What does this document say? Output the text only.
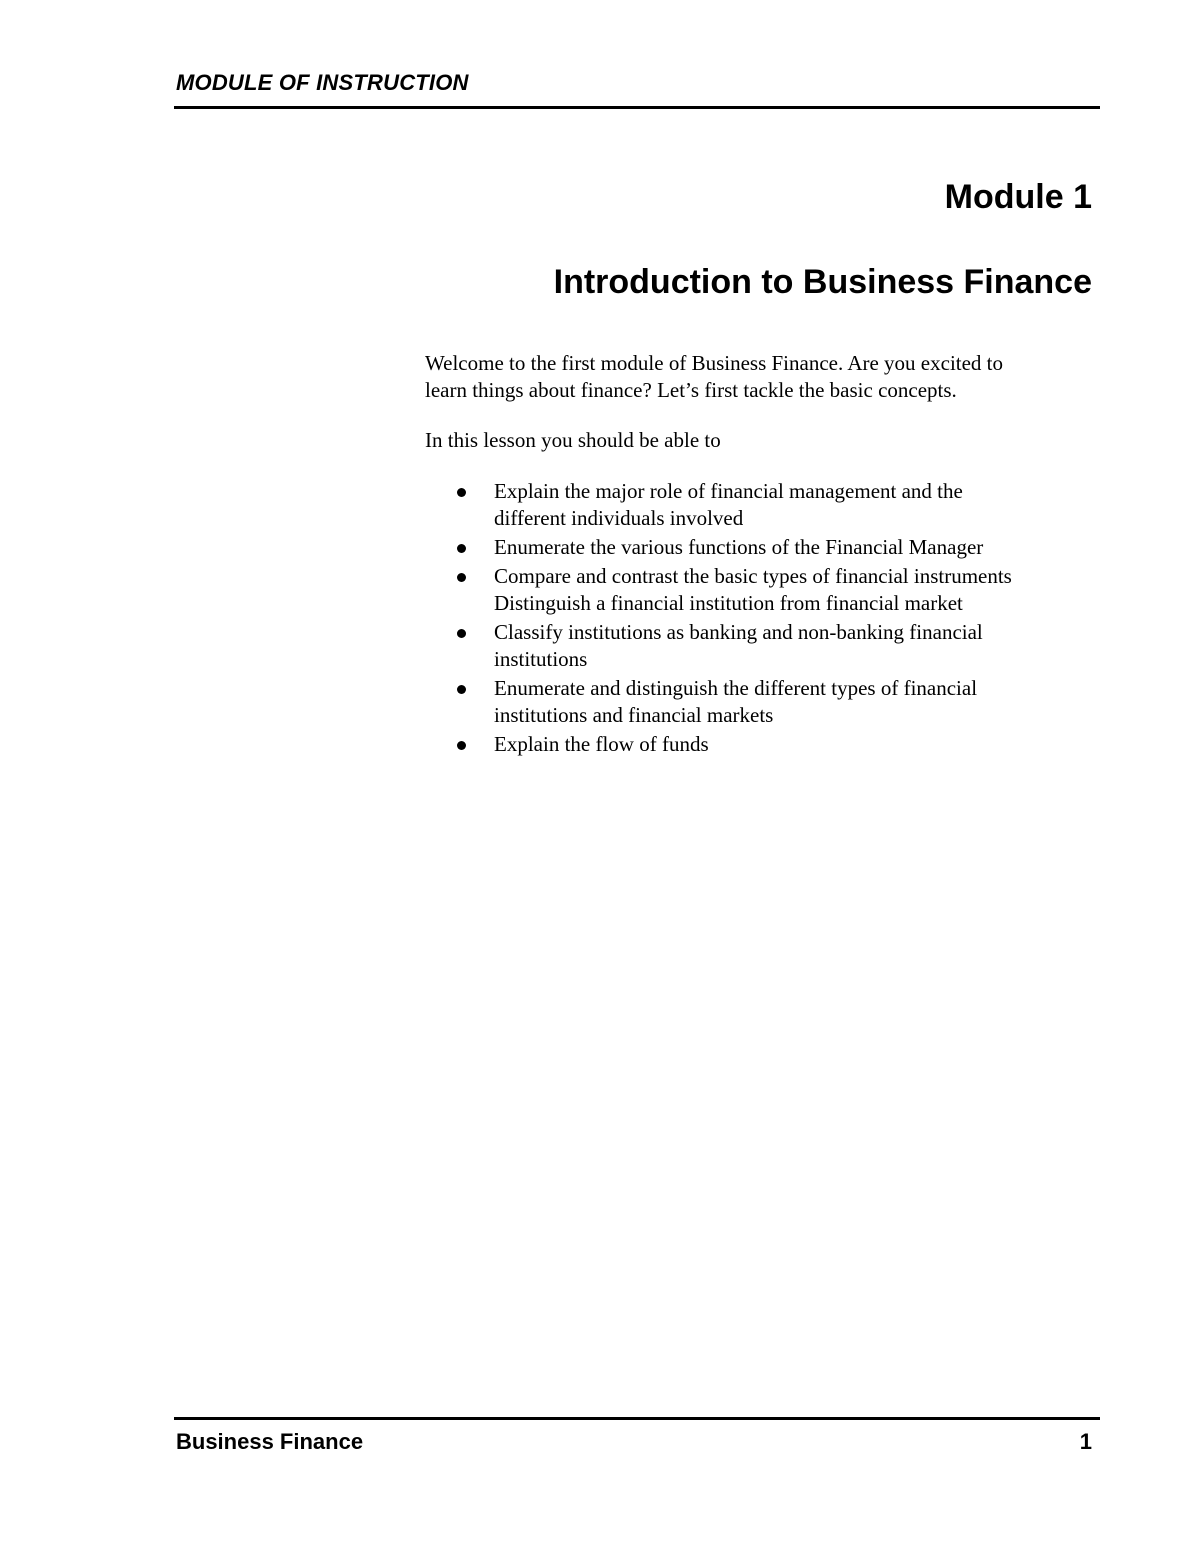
MODULE OF INSTRUCTION
Module 1
Introduction to Business Finance

Welcome to the first module of Business Finance. Are you excited to
learn things about finance? Let’s first tackle the basic concepts.

In this lesson you should be able to

Explain the major role of financial management and the
different individuals involved
Enumerate the various functions of the Financial Manager
Compare and contrast the basic types of financial instruments
Distinguish a financial institution from financial market
Classify institutions as banking and non-banking financial
institutions
Enumerate and distinguish the different types of financial
institutions and financial markets
Explain the flow of funds
Business Finance	1
